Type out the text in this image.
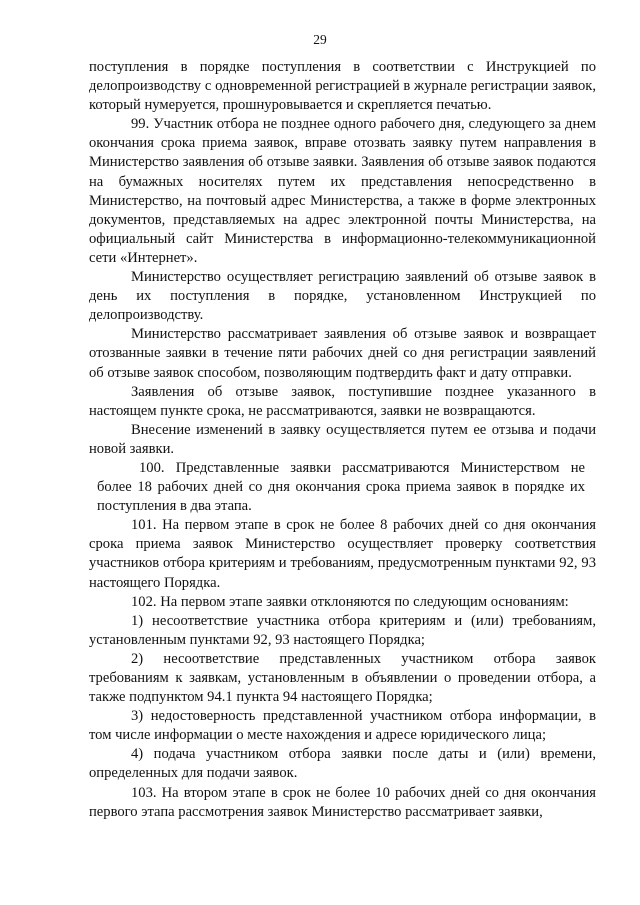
29

поступления в порядке поступления в соответствии с Инструкцией по делопроизводству с одновременной регистрацией в журнале регистрации заявок, который нумеруется, прошнуровывается и скрепляется печатью.

99. Участник отбора не позднее одного рабочего дня, следующего за днем окончания срока приема заявок, вправе отозвать заявку путем направления в Министерство заявления об отзыве заявки. Заявления об отзыве заявок подаются на бумажных носителях путем их представления непосредственно в Министерство, на почтовый адрес Министерства, а также в форме электронных документов, представляемых на адрес электронной почты Министерства, на официальный сайт Министерства в информационно-телекоммуникационной сети «Интернет».

Министерство осуществляет регистрацию заявлений об отзыве заявок в день их поступления в порядке, установленном Инструкцией по делопроизводству.

Министерство рассматривает заявления об отзыве заявок и возвращает отозванные заявки в течение пяти рабочих дней со дня регистрации заявлений об отзыве заявок способом, позволяющим подтвердить факт и дату отправки.

Заявления об отзыве заявок, поступившие позднее указанного в настоящем пункте срока, не рассматриваются, заявки не возвращаются.

Внесение изменений в заявку осуществляется путем ее отзыва и подачи новой заявки.

100. Представленные заявки рассматриваются Министерством не более 18 рабочих дней со дня окончания срока приема заявок в порядке их поступления в два этапа.

101. На первом этапе в срок не более 8 рабочих дней со дня окончания срока приема заявок Министерство осуществляет проверку соответствия участников отбора критериям и требованиям, предусмотренным пунктами 92, 93 настоящего Порядка.

102. На первом этапе заявки отклоняются по следующим основаниям:

1) несоответствие участника отбора критериям и (или) требованиям, установленным пунктами 92, 93 настоящего Порядка;

2) несоответствие представленных участником отбора заявок требованиям к заявкам, установленным в объявлении о проведении отбора, а также подпунктом 94.1 пункта 94 настоящего Порядка;

3) недостоверность представленной участником отбора информации, в том числе информации о месте нахождения и адресе юридического лица;

4) подача участником отбора заявки после даты и (или) времени, определенных для подачи заявок.

103. На втором этапе в срок не более 10 рабочих дней со дня окончания первого этапа рассмотрения заявок Министерство рассматривает заявки,
